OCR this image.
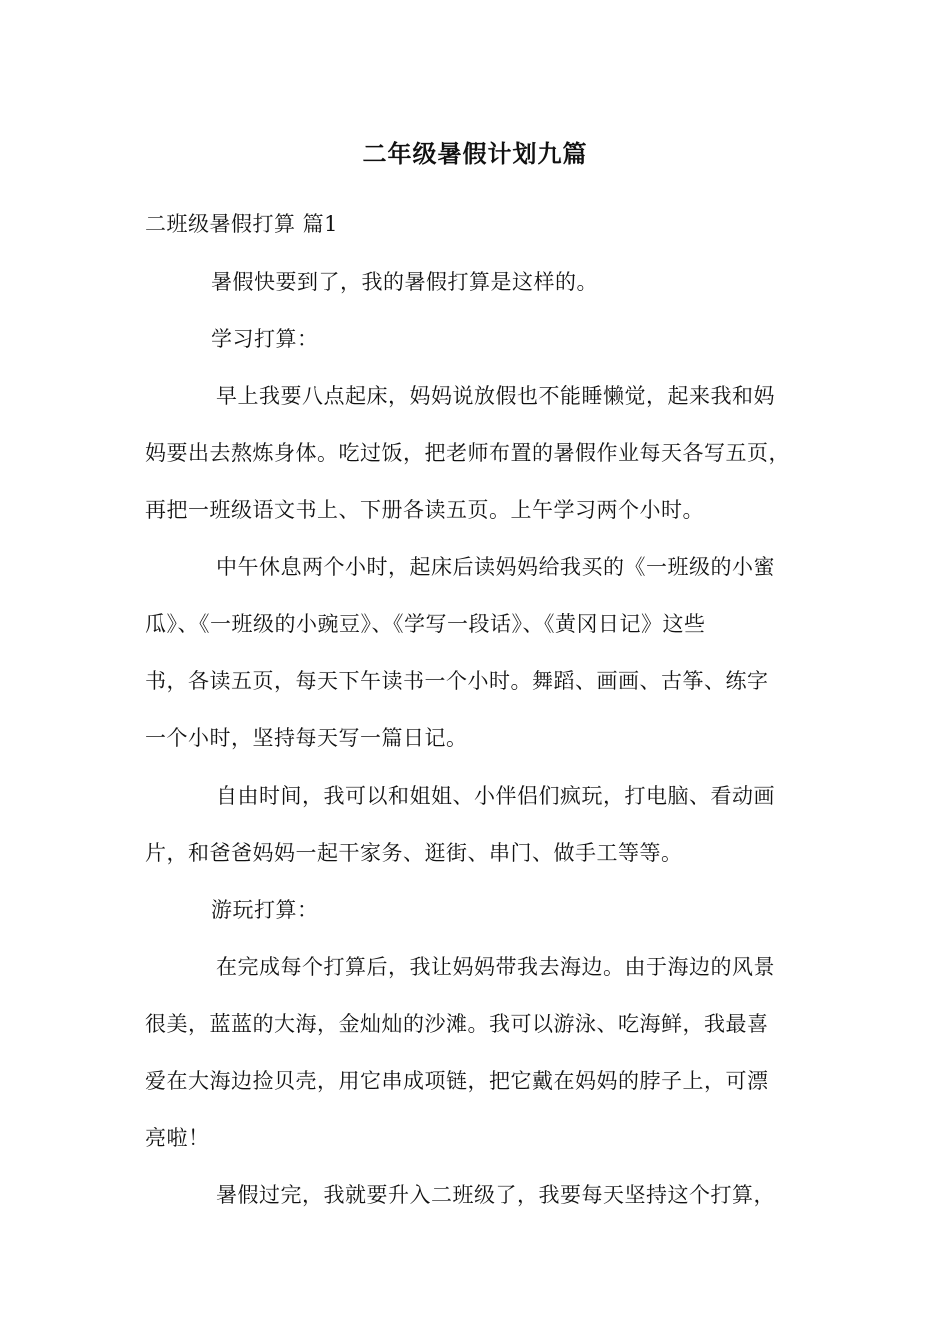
二年级暑假计划九篇
二班级暑假打算 篇1
暑假快要到了，我的暑假打算是这样的。
学习打算：
早上我要八点起床，妈妈说放假也不能睡懒觉，起来我和妈
妈要出去熬炼身体。吃过饭，把老师布置的暑假作业每天各写五页，
再把一班级语文书上、下册各读五页。上午学习两个小时。
中午休息两个小时，起床后读妈妈给我买的《一班级的小蜜
瓜》、《一班级的小豌豆》、《学写一段话》、《黄冈日记》这些
书，各读五页，每天下午读书一个小时。舞蹈、画画、古筝、练字
一个小时，坚持每天写一篇日记。
自由时间，我可以和姐姐、小伴侣们疯玩，打电脑、看动画
片，和爸爸妈妈一起干家务、逛街、串门、做手工等等。
游玩打算：
在完成每个打算后，我让妈妈带我去海边。由于海边的风景
很美，蓝蓝的大海，金灿灿的沙滩。我可以游泳、吃海鲜，我最喜
爱在大海边捡贝壳，用它串成项链，把它戴在妈妈的脖子上，可漂
亮啦！
暑假过完，我就要升入二班级了，我要每天坚持这个打算，
